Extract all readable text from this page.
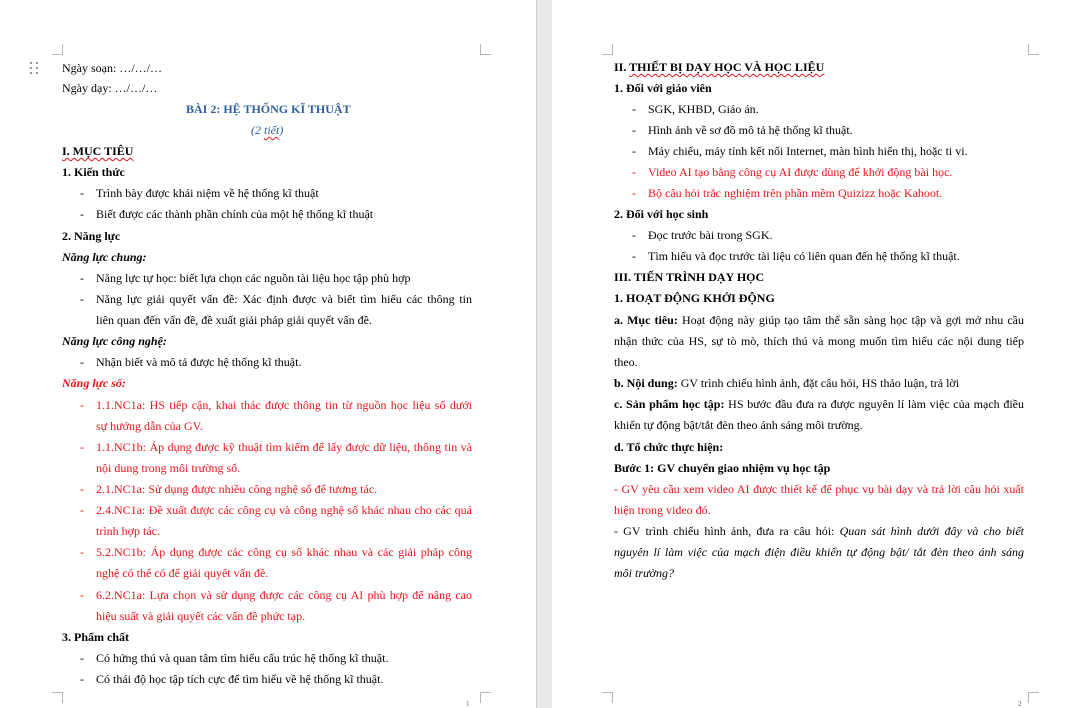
Ngày soạn: …/…/…
Ngày dạy: …/…/…
BÀI 2: HỆ THỐNG KĨ THUẬT
(2 tiết)
I. MỤC TIÊU
1. Kiến thức
- Trình bày được khái niệm về hệ thống kĩ thuật
- Biết được các thành phần chính của một hệ thống kĩ thuật
2. Năng lực
Năng lực chung:
- Năng lực tự học: biết lựa chọn các nguồn tài liệu học tập phù hợp
- Năng lực giải quyết vấn đề: Xác định được và biết tìm hiểu các thông tin
liên quan đến vấn đề, đề xuất giải pháp giải quyết vấn đề.
Năng lực công nghệ:
- Nhận biết và mô tả được hệ thống kĩ thuật.
Năng lực số:
- 1.1.NC1a: HS tiếp cận, khai thác được thông tin từ nguồn học liệu số dưới
sự hướng dẫn của GV.
- 1.1.NC1b: Áp dụng được kỹ thuật tìm kiếm để lấy được dữ liệu, thông tin và
nội dung trong môi trường số.
- 2.1.NC1a: Sử dụng được nhiều công nghệ số để tương tác.
- 2.4.NC1a: Đề xuất được các công cụ và công nghệ số khác nhau cho các quá
trình hợp tác.
- 5.2.NC1b: Áp dụng được các công cụ số khác nhau và các giải pháp công
nghệ có thể có để giải quyết vấn đề.
- 6.2.NC1a: Lựa chọn và sử dụng được các công cụ AI phù hợp để nâng cao
hiệu suất và giải quyết các vấn đề phức tạp.
3. Phẩm chất
- Có hứng thú và quan tâm tìm hiểu cấu trúc hệ thống kĩ thuật.
- Có thái độ học tập tích cực để tìm hiểu về hệ thống kĩ thuật.
1
II. THIẾT BỊ DẠY HỌC VÀ HỌC LIỆU
1. Đối với giáo viên
- SGK, KHBD, Giáo án.
- Hình ảnh về sơ đồ mô tả hệ thống kĩ thuật.
- Máy chiếu, máy tính kết nối Internet, màn hình hiển thị, hoặc ti vi.
- Video AI tạo bằng công cụ AI được dùng để khởi động bài học.
- Bộ câu hỏi trắc nghiệm trên phần mềm Quizizz hoặc Kahoot.
2. Đối với học sinh
- Đọc trước bài trong SGK.
- Tìm hiểu và đọc trước tài liệu có liên quan đến hệ thống kĩ thuật.
III. TIẾN TRÌNH DẠY HỌC
1. HOẠT ĐỘNG KHỞI ĐỘNG
a. Mục tiêu: Hoạt động này giúp tạo tâm thế sẵn sàng học tập và gợi mở nhu cầu
nhận thức của HS, sự tò mò, thích thú và mong muốn tìm hiểu các nội dung tiếp
theo.
b. Nội dung: GV trình chiếu hình ảnh, đặt câu hỏi, HS thảo luận, trả lời
c. Sản phẩm học tập: HS bước đầu đưa ra được nguyên lí làm việc của mạch điều
khiển tự động bật/tắt đèn theo ánh sáng môi trường.
d. Tổ chức thực hiện:
Bước 1: GV chuyển giao nhiệm vụ học tập
- GV yêu cầu xem video AI được thiết kế để phục vụ bài dạy và trả lời câu hỏi xuất
hiện trong video đó.
- GV trình chiếu hình ảnh, đưa ra câu hỏi: Quan sát hình dưới đây và cho biết
nguyên lí làm việc của mạch điện điều khiển tự động bật/ tắt đèn theo ánh sáng
môi trường?
2
